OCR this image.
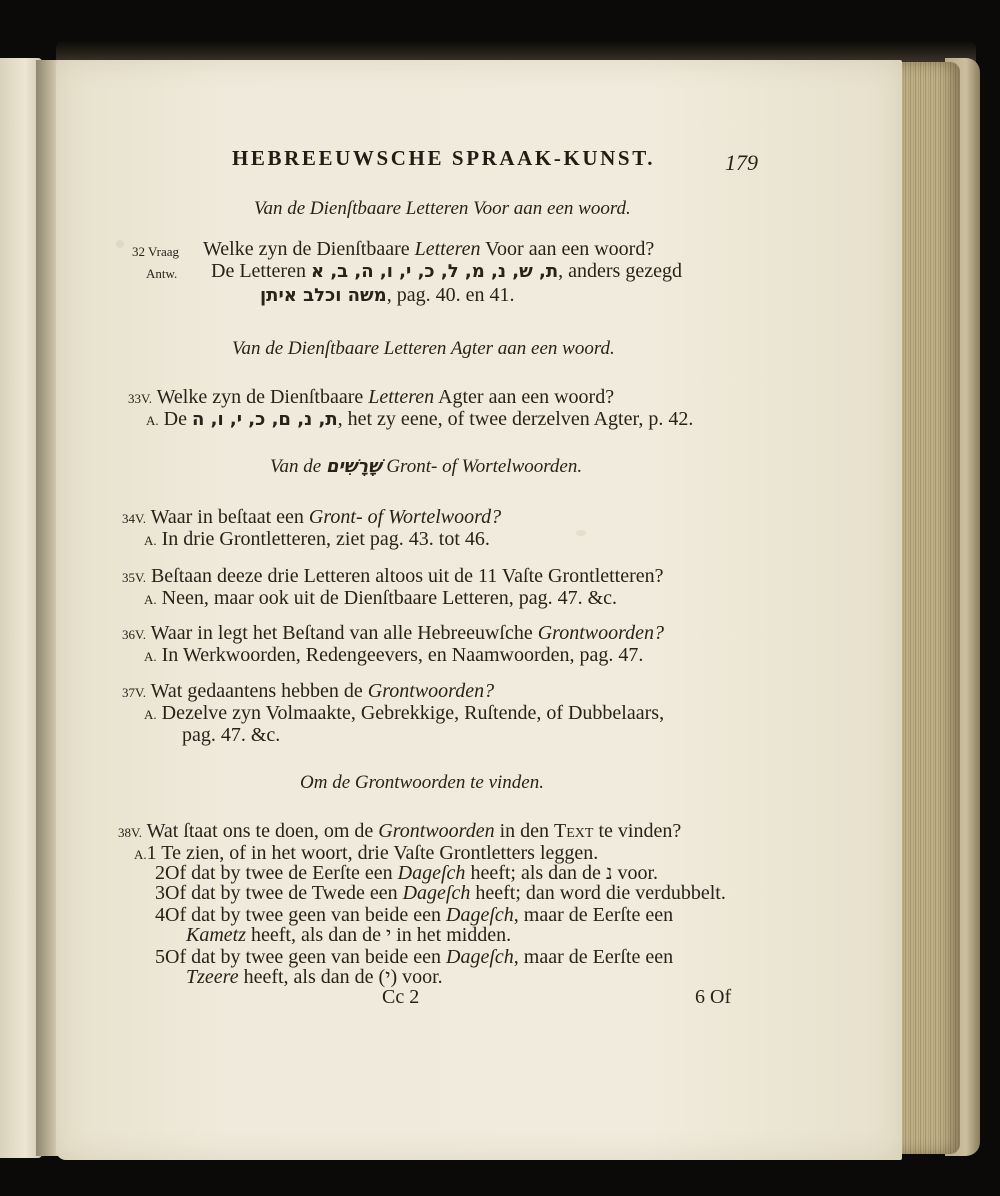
HEBREEUWSCHE SPRAAK-KUNST.	179
Van de Dienſtbaare Letteren Voor aan een woord.
32 Vraag Welke zyn de Dienſtbaare Letteren Voor aan een woord?
Antw. De Letteren ת, ש, נ, מ, ל, כ, י, ו, ה, ב, א, anders gezegd
משה וכלב איתן, pag. 40. en 41.
Van de Dienſtbaare Letteren Agter aan een woord.
33V. Welke zyn de Dienſtbaare Letteren Agter aan een woord?
A. De ת, נ, ם, כ, י, ו, ה, het zy eene, of twee derzelven Agter, p. 42.
Van de שָׁרָשִׁים Gront- of Wortelwoorden.
34V. Waar in beſtaat een Gront- of Wortelwoord?
A. In drie Grontletteren, ziet pag. 43. tot 46.
35V. Beſtaan deeze drie Letteren altoos uit de 11 Vaſte Grontletteren?
A. Neen, maar ook uit de Dienſtbaare Letteren, pag. 47. &c.
36V. Waar in legt het Beſtand van alle Hebreeuwſche Grontwoorden?
A. In Werkwoorden, Redengeevers, en Naamwoorden, pag. 47.
37V. Wat gedaantens hebben de Grontwoorden?
A. Dezelve zyn Volmaakte, Gebrekkige, Ruſtende, of Dubbelaars,
pag. 47. &c.
Om de Grontwoorden te vinden.
38V. Wat ſtaat ons te doen, om de Grontwoorden in den Text te vinden?
A.1 Te zien, of in het woort, drie Vaſte Grontletters leggen.
2Of dat by twee de Eerſte een Dageſch heeft; als dan de נ voor.
3Of dat by twee de Twede een Dageſch heeft; dan word die verdubbelt.
4Of dat by twee geen van beide een Dageſch, maar de Eerſte een
Kametz heeft, als dan de י in het midden.
5Of dat by twee geen van beide een Dageſch, maar de Eerſte een
Tzeere heeft, als dan de (י) voor.
Cc 2	6 Of
